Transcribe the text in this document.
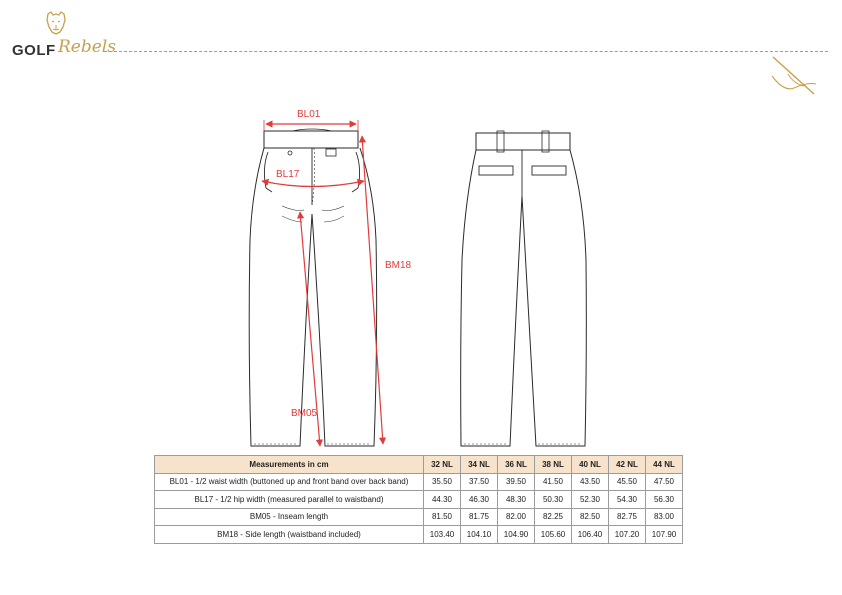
GOLF Rebels
BL01
BL17
BM18
BM05
Measurements in cm	32 NL	34 NL	36 NL	38 NL	40 NL	42 NL	44 NL
BL01 - 1/2 waist width (buttoned up and front band over back band)	35.50	37.50	39.50	41.50	43.50	45.50	47.50
BL17 - 1/2 hip width (measured parallel to waistband)	44.30	46.30	48.30	50.30	52.30	54.30	56.30
BM05 - Inseam length	81.50	81.75	82.00	82.25	82.50	82.75	83.00
BM18 - Side length (waistband included)	103.40	104.10	104.90	105.60	106.40	107.20	107.90
